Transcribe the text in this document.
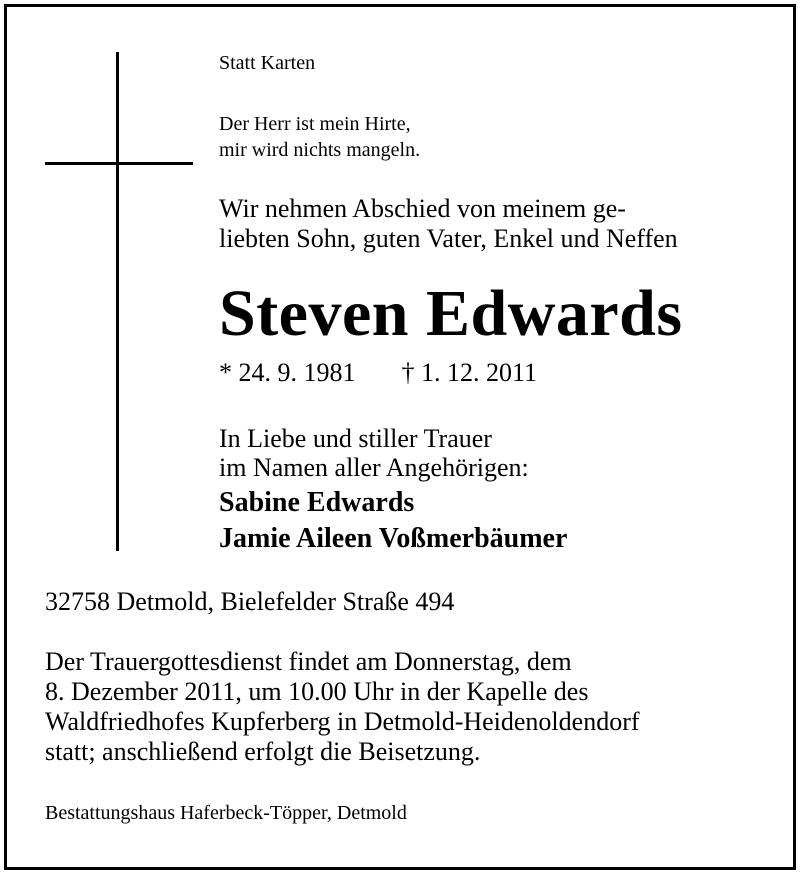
Statt Karten

Der Herr ist mein Hirte,

mir wird nichts mangeln.

Wir nehmen Abschied von meinem ge-

liebten Sohn, guten Vater, Enkel und Neffen

Steven Edwards

* 24. 9. 1981 † 1. 12. 2011

In Liebe und stiller Trauer

im Namen aller Angehörigen:

Sabine Edwards

Jamie Aileen Voßmerbäumer

32758 Detmold, Bielefelder Straße 494

Der Trauergottesdienst findet am Donnerstag, dem

8. Dezember 2011, um 10.00 Uhr in der Kapelle des

Waldfriedhofes Kupferberg in Detmold-Heidenoldendorf

statt; anschließend erfolgt die Beisetzung.

Bestattungshaus Haferbeck-Töpper, Detmold
